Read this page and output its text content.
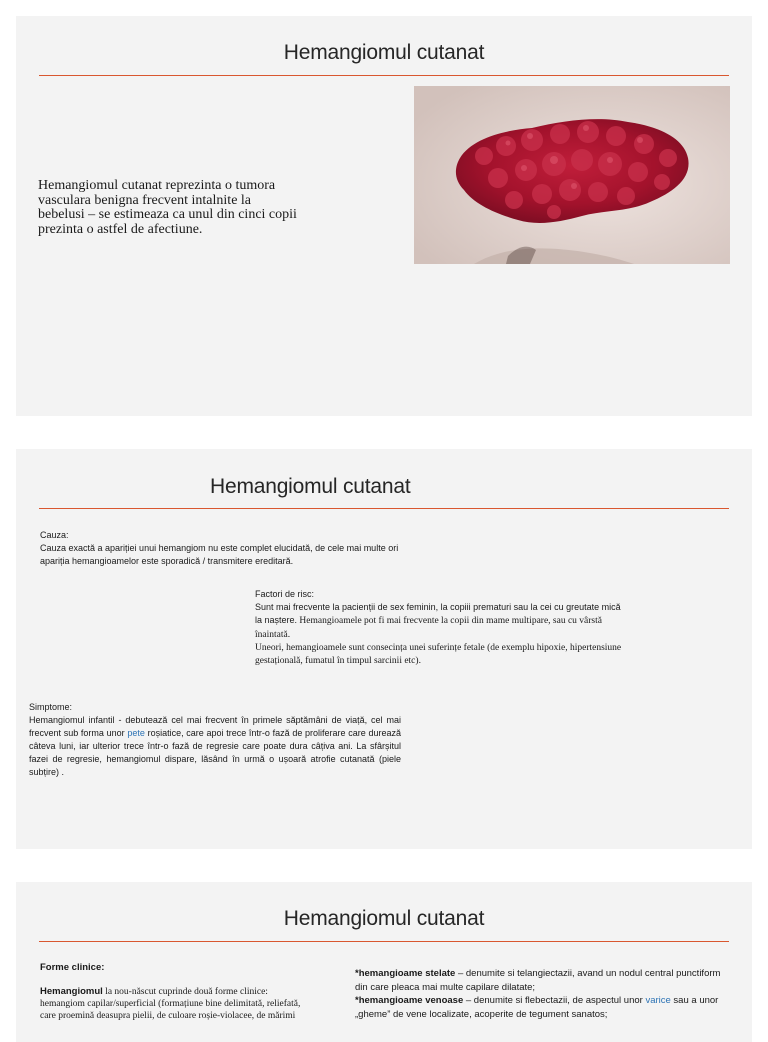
Hemangiomul cutanat

Hemangiomul cutanat reprezinta o tumora vasculara benigna frecvent intalnite la bebelusi – se estimeaza ca unul din cinci copii prezinta o astfel de afectiune.

Hemangiomul cutanat

Cauza:

Cauza exactă a apariției unui hemangiom nu este complet elucidată, de cele mai multe ori apariția hemangioamelor este sporadică / transmitere ereditară.

Factori de risc:

Sunt mai frecvente la pacienții de sex feminin, la copiii prematuri sau la cei cu greutate mică la naștere. Hemangioamele pot fi mai frecvente la copii din mame multipare, sau cu vârstă înaintată.

Uneori, hemangioamele sunt consecința unei suferințe fetale (de exemplu hipoxie, hipertensiune gestațională, fumatul în timpul sarcinii etc).

Simptome:

Hemangiomul infantil - debutează cel mai frecvent în primele săptămâni de viață, cel mai frecvent sub forma unor pete roșiatice, care apoi trece într-o fază de proliferare care durează câteva luni, iar ulterior trece într-o fază de regresie care poate dura câțiva ani. La sfârșitul fazei de regresie, hemangiomul dispare, lăsând în urmă o ușoară atrofie cutanată (piele subțire) .

Hemangiomul cutanat

Forme clinice:

Hemangiomul la nou-născut cuprinde două forme clinice: hemangiom capilar/superficial (formațiune bine delimitată, reliefată, care proemină deasupra pielii, de culoare roșie-violacee, de mărimi

*hemangioame stelate – denumite si telangiectazii, avand un nodul central punctiform din care pleaca mai multe capilare dilatate;

*hemangioame venoase – denumite si flebectazii, de aspectul unor varice sau a unor „gheme” de vene localizate, acoperite de tegument sanatos;
